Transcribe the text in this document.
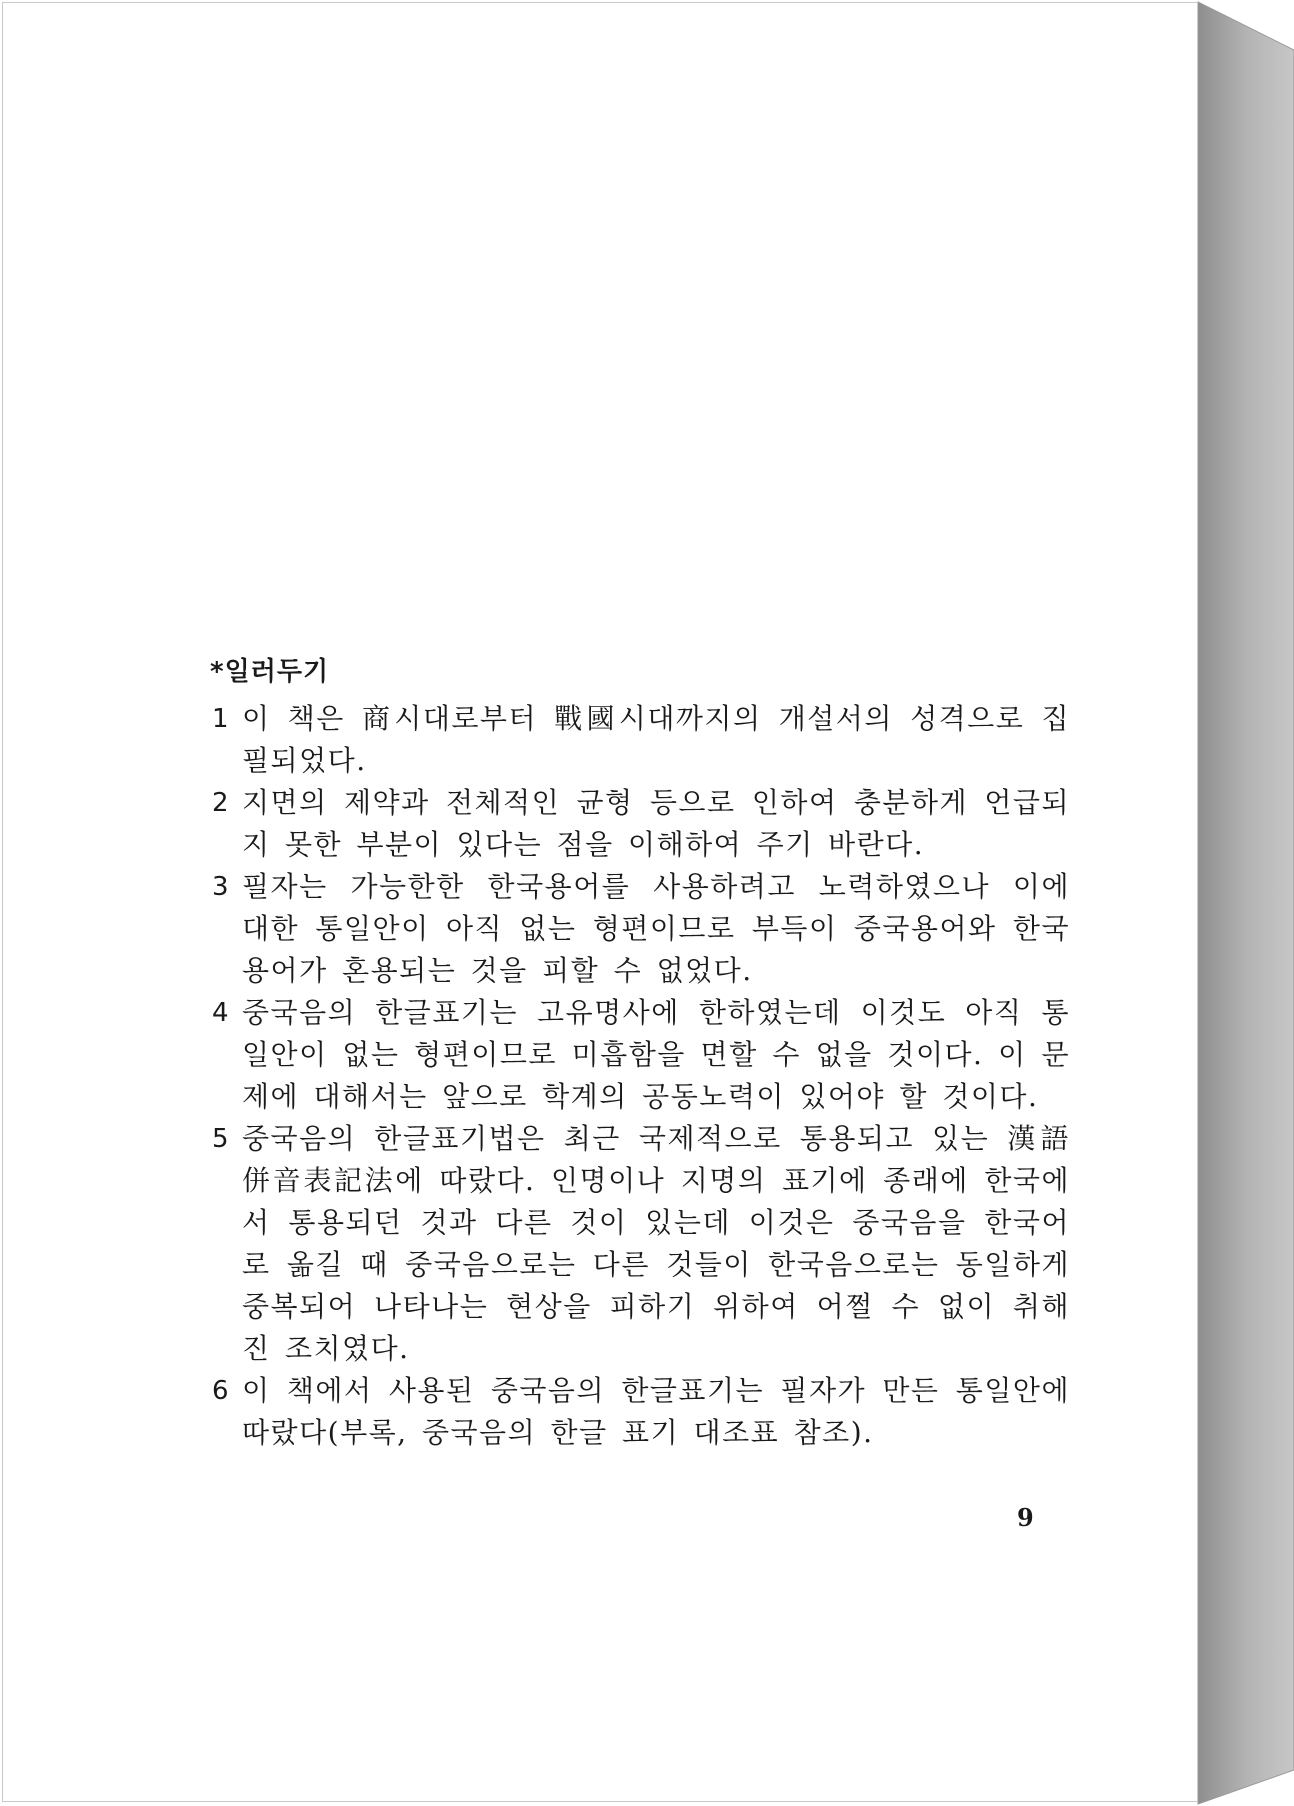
*일러두기
1 이 책은 商시대로부터 戰國시대까지의 개설서의 성격으로 집필되었다.
2 지면의 제약과 전체적인 균형 등으로 인하여 충분하게 언급되지 못한 부분이 있다는 점을 이해하여 주기 바란다.
3 필자는 가능한한 한국용어를 사용하려고 노력하였으나 이에 대한 통일안이 아직 없는 형편이므로 부득이 중국용어와 한국용어가 혼용되는 것을 피할 수 없었다.
4 중국음의 한글표기는 고유명사에 한하였는데 이것도 아직 통일안이 없는 형편이므로 미흡함을 면할 수 없을 것이다. 이 문제에 대해서는 앞으로 학계의 공동노력이 있어야 할 것이다.
5 중국음의 한글표기법은 최근 국제적으로 통용되고 있는 漢語併音表記法에 따랐다. 인명이나 지명의 표기에 종래에 한국에서 통용되던 것과 다른 것이 있는데 이것은 중국음을 한국어로 옮길 때 중국음으로는 다른 것들이 한국음으로는 동일하게 중복되어 나타나는 현상을 피하기 위하여 어쩔 수 없이 취해진 조치였다.
6 이 책에서 사용된 중국음의 한글표기는 필자가 만든 통일안에 따랐다(부록, 중국음의 한글 표기 대조표 참조).
9
